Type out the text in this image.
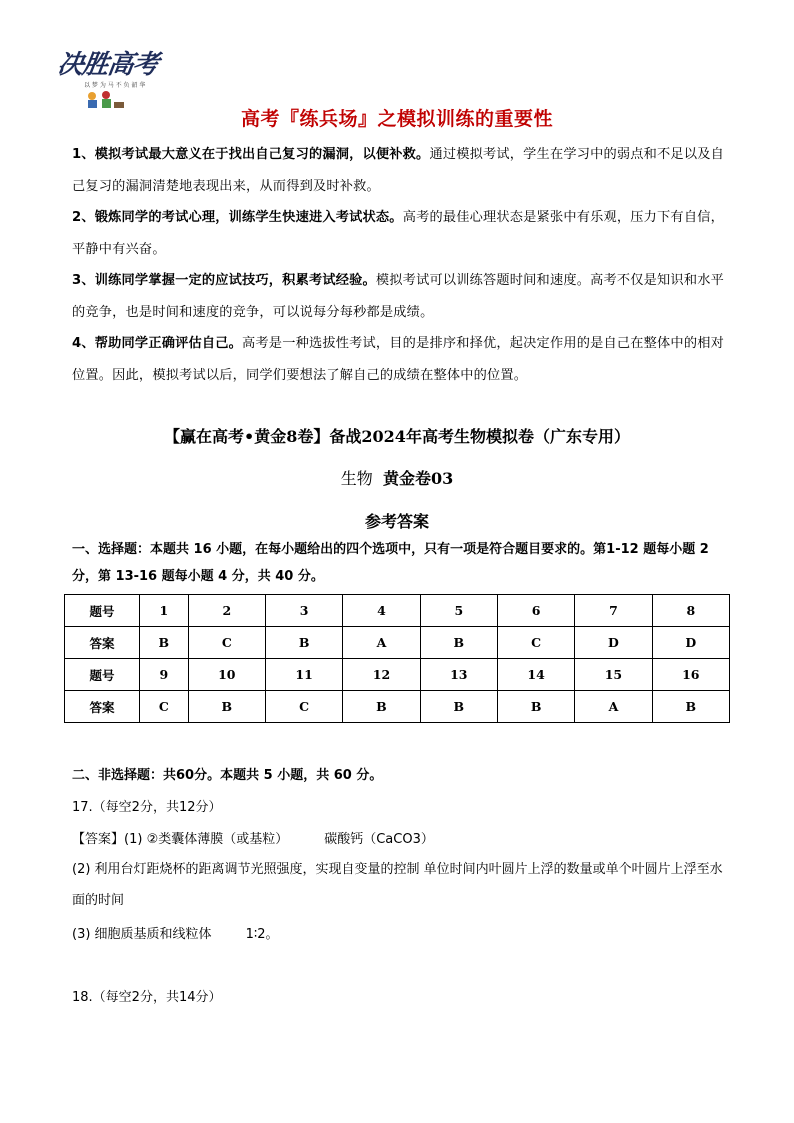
决胜高考
以 梦 为 马 不 负 韶 华
高考『练兵场』之模拟训练的重要性

1、模拟考试最大意义在于找出自己复习的漏洞，以便补救。通过模拟考试，学生在学习中的弱点和不足以及自己复习的漏洞清楚地表现出来，从而得到及时补救。

2、锻炼同学的考试心理，训练学生快速进入考试状态。高考的最佳心理状态是紧张中有乐观，压力下有自信，平静中有兴奋。

3、训练同学掌握一定的应试技巧，积累考试经验。模拟考试可以训练答题时间和速度。高考不仅是知识和水平的竞争，也是时间和速度的竞争，可以说每分每秒都是成绩。

4、帮助同学正确评估自己。高考是一种选拔性考试，目的是排序和择优，起决定作用的是自己在整体中的相对位置。因此，模拟考试以后，同学们要想法了解自己的成绩在整体中的位置。

【赢在高考•黄金8卷】备战2024年高考生物模拟卷（广东专用）
生物 黄金卷03
参考答案

一、选择题：本题共 16 小题，在每小题给出的四个选项中，只有一项是符合题目要求的。第1-12 题每小题 2 分，第 13-16 题每小题 4 分，共 40 分。

题号	1	2	3	4	5	6	7	8
答案	B	C	B	A	B	C	D	D
题号	9	10	11	12	13	14	15	16
答案	C	B	C	B	B	B	A	B
二、非选择题：共60分。本题共 5 小题，共 60 分。
17.（每空2分，共12分）
【答案】(1) ②类囊体薄膜（或基粒）	碳酸钙（CaCO3）

(2) 利用台灯距烧杯的距离调节光照强度，实现自变量的控制 单位时间内叶圆片上浮的数量或单个叶圆片上浮至水面的时间

(3) 细胞质基质和线粒体	1∶2。
18.（每空2分，共14分）
